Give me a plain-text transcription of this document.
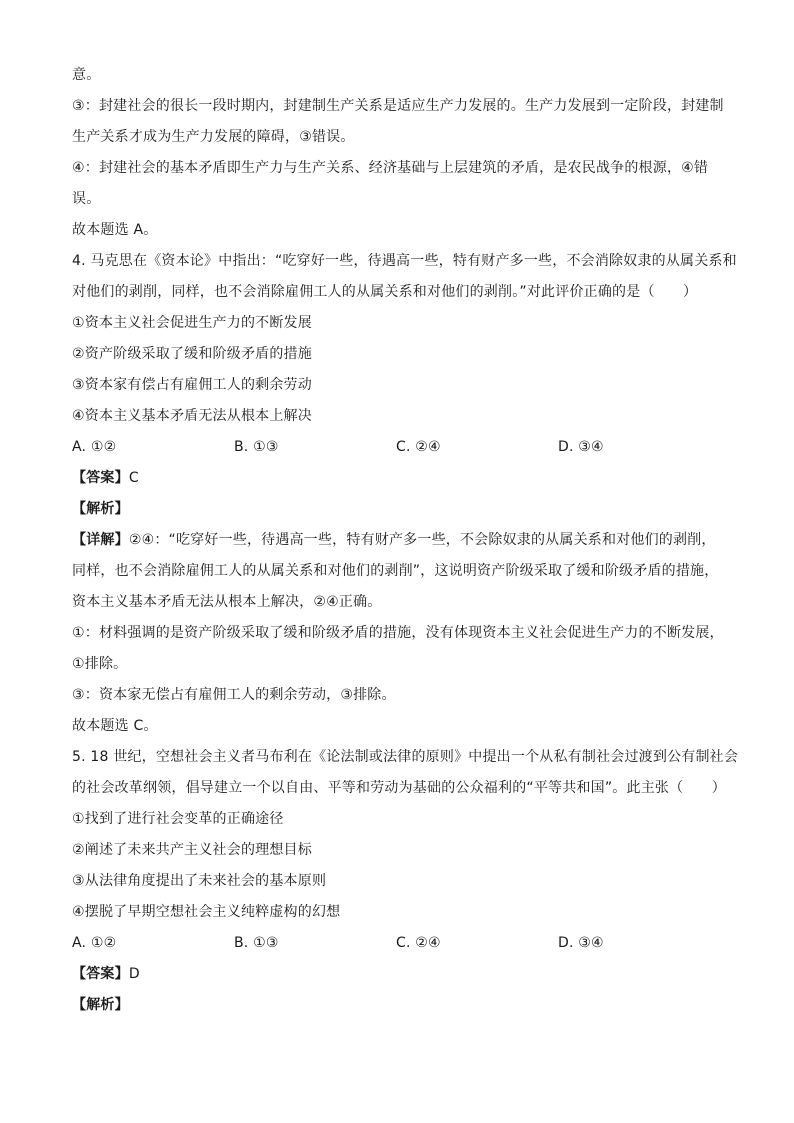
意。
③：封建社会的很长一段时期内，封建制生产关系是适应生产力发展的。生产力发展到一定阶段，封建制
生产关系才成为生产力发展的障碍，③错误。
④：封建社会的基本矛盾即生产力与生产关系、经济基础与上层建筑的矛盾，是农民战争的根源，④错
误。
故本题选 A。
4. 马克思在《资本论》中指出：“吃穿好一些，待遇高一些，特有财产多一些，不会消除奴隶的从属关系和
对他们的剥削，同样，也不会消除雇佣工人的从属关系和对他们的剥削。”对此评价正确的是（　　）
①资本主义社会促进生产力的不断发展
②资产阶级采取了缓和阶级矛盾的措施
③资本家有偿占有雇佣工人的剩余劳动
④资本主义基本矛盾无法从根本上解决
A. ①②	B. ①③	C. ②④	D. ③④
【答案】C
【解析】
【详解】②④：“吃穿好一些，待遇高一些，特有财产多一些，不会除奴隶的从属关系和对他们的剥削，
同样，也不会消除雇佣工人的从属关系和对他们的剥削”，这说明资产阶级采取了缓和阶级矛盾的措施，
资本主义基本矛盾无法从根本上解决，②④正确。
①：材料强调的是资产阶级采取了缓和阶级矛盾的措施，没有体现资本主义社会促进生产力的不断发展，
①排除。
③：资本家无偿占有雇佣工人的剩余劳动，③排除。
故本题选 C。
5. 18 世纪，空想社会主义者马布利在《论法制或法律的原则》中提出一个从私有制社会过渡到公有制社会
的社会改革纲领，倡导建立一个以自由、平等和劳动为基础的公众福利的“平等共和国”。此主张（　　）
①找到了进行社会变革的正确途径
②阐述了未来共产主义社会的理想目标
③从法律角度提出了未来社会的基本原则
④摆脱了早期空想社会主义纯粹虚构的幻想
A. ①②	B. ①③	C. ②④	D. ③④
【答案】D
【解析】
